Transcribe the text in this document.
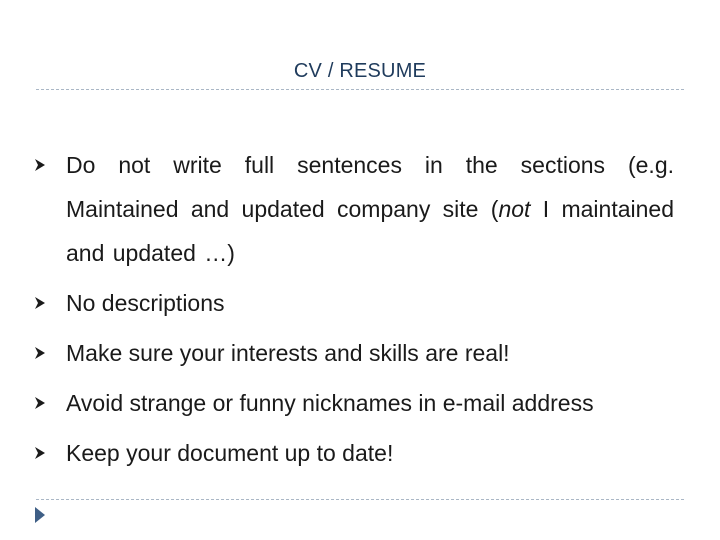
CV / RESUME
Do not write full sentences in the sections (e.g. Maintained and updated company site (not I maintained and updated …)
No descriptions
Make sure your interests and skills are real!
Avoid strange or funny nicknames in e-mail address
Keep your document up to date!
